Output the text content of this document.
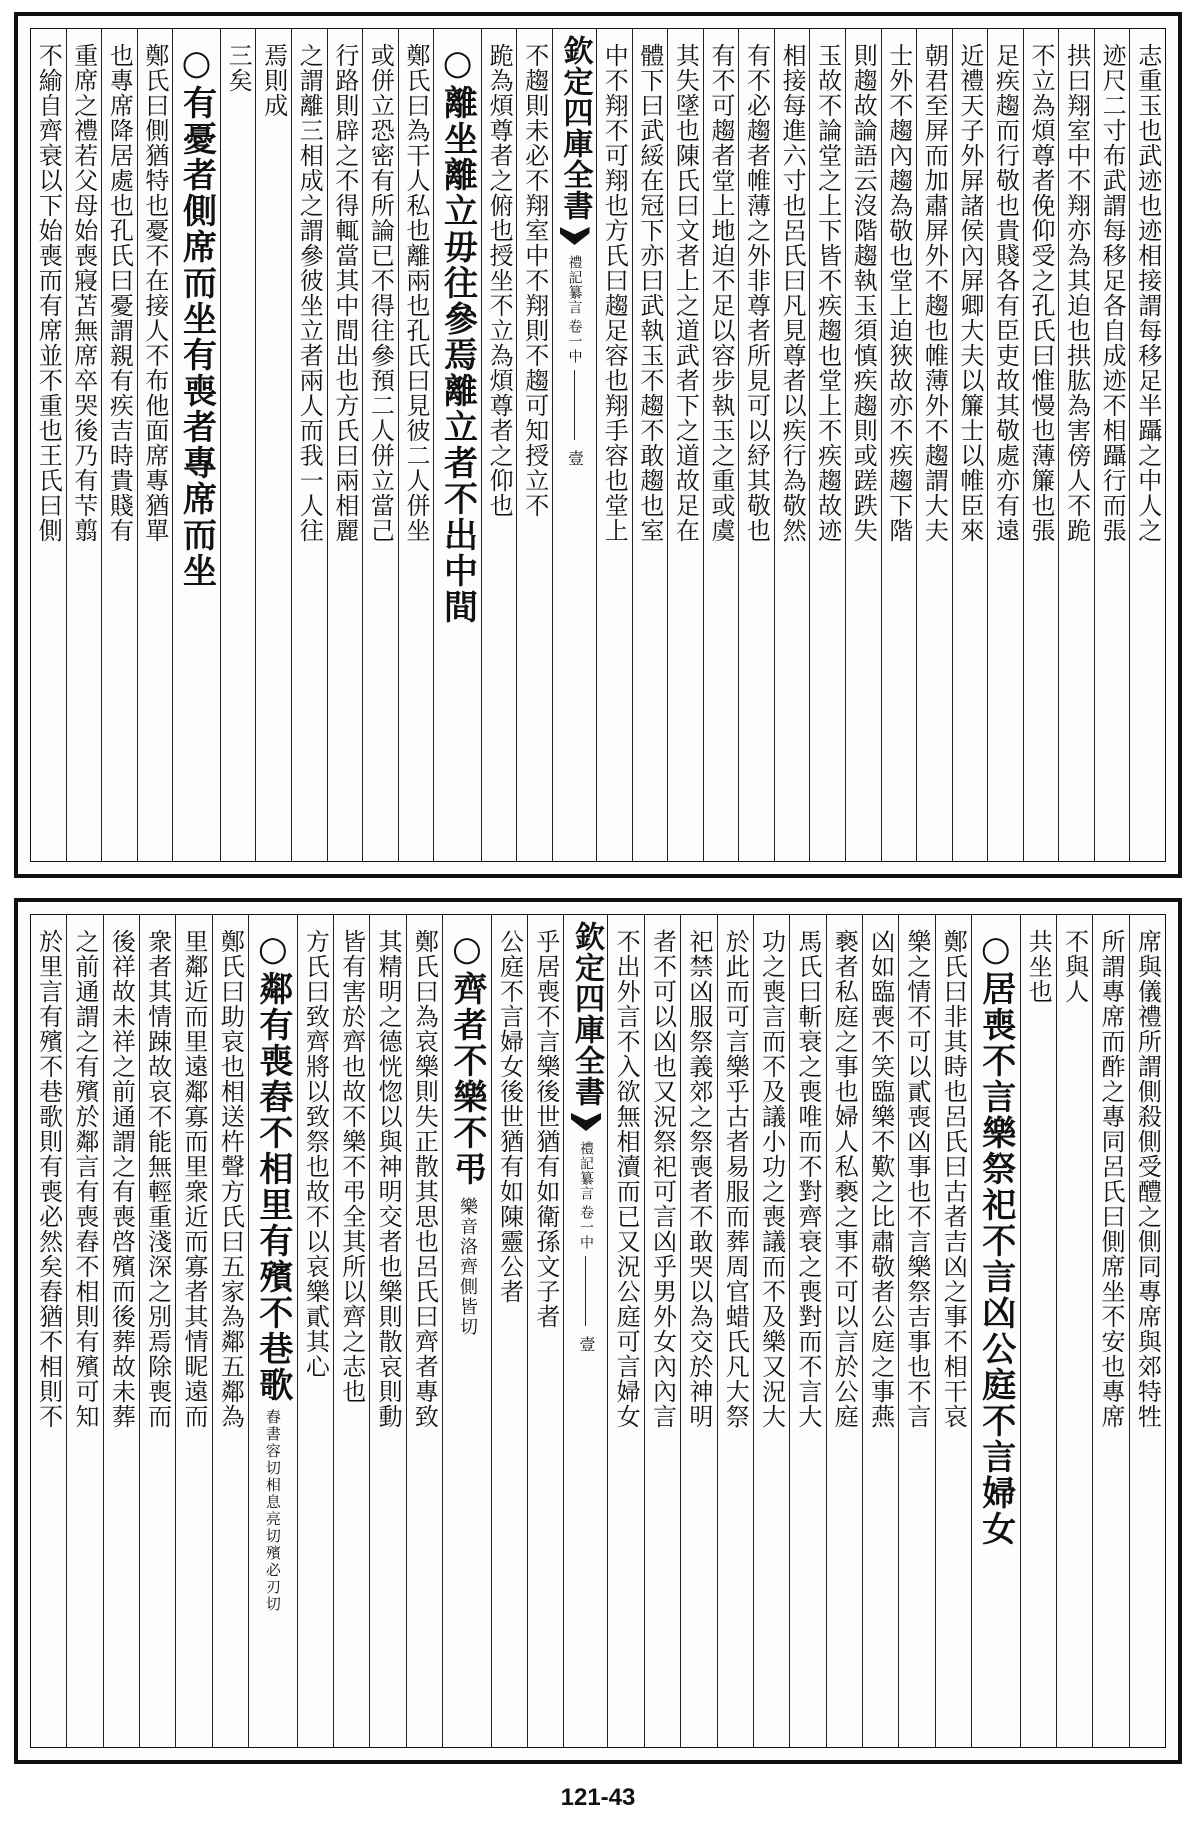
志重玉也武迹也迹相接謂每移足半躡之中人之
迹尺二寸布武謂每移足各自成迹不相躡行而張
拱曰翔室中不翔亦為其迫也拱肱為害傍人不跪
不立為煩尊者俛仰受之孔氏曰惟慢也薄簾也張
足疾趨而行敬也貴賤各有臣吏故其敬處亦有遠
近禮天子外屏諸侯內屏卿大夫以簾士以帷臣來
朝君至屏而加肅屏外不趨也帷薄外不趨謂大夫
士外不趨內趨為敬也堂上迫狹故亦不疾趨下階
則趨故論語云沒階趨執玉須慎疾趨則或蹉跌失
玉故不論堂之上下皆不疾趨也堂上不疾趨故迹
相接每進六寸也呂氏曰凡見尊者以疾行為敬然
有不必趨者帷薄之外非尊者所見可以紓其敬也
有不可趨者堂上地迫不足以容步執玉之重或虞
其失墜也陳氏曰文者上之道武者下之道故足在
體下曰武綏在冠下亦曰武執玉不趨不敢趨也室
中不翔不可翔也方氏曰趨足容也翔手容也堂上
欽定四庫全書
禮記纂言
卷一中
壹
不趨則未必不翔室中不翔則不趨可知授立不
跪為煩尊者之俯也授坐不立為煩尊者之仰也
○離坐離立毋往參焉離立者不出中間
鄭氏曰為干人私也離兩也孔氏曰見彼二人併坐
或併立恐密有所論已不得往參預二人併立當己
行路則辟之不得輒當其中間出也方氏曰兩相麗
之謂離三相成之謂參彼坐立者兩人而我一人往
焉則成
三矣
○有憂者側席而坐有喪者專席而坐
鄭氏曰側猶特也憂不在接人不布他面席專猶單
也專席降居處也孔氏曰憂謂親有疾吉時貴賤有
重席之禮若父母始喪寢苫無席卒哭後乃有芐翦
不緰自齊衰以下始喪而有席並不重也王氏曰側
席與儀禮所謂側殺側受醴之側同專席與郊特牲
所謂專席而酢之專同呂氏曰側席坐不安也專席
不與人
共坐也
○居喪不言樂祭祀不言凶公庭不言婦女
鄭氏曰非其時也呂氏曰古者吉凶之事不相干哀
樂之情不可以貳喪凶事也不言樂祭吉事也不言
凶如臨喪不笑臨樂不歎之比肅敬者公庭之事燕
褻者私庭之事也婦人私褻之事不可以言於公庭
馬氏曰斬衰之喪唯而不對齊衰之喪對而不言大
功之喪言而不及議小功之喪議而不及樂又況大
於此而可言樂乎古者易服而葬周官蜡氏凡大祭
祀禁凶服祭義郊之祭喪者不敢哭以為交於神明
者不可以凶也又況祭祀可言凶乎男外女內內言
不出外言不入欲無相瀆而已又況公庭可言婦女
欽定四庫全書
禮記纂言
卷一中
壹
乎居喪不言樂後世猶有如衛孫文子者
公庭不言婦女後世猶有如陳靈公者
○齊者不樂不弔樂音洛齊側皆切
鄭氏曰為哀樂則失正散其思也呂氏曰齊者專致
其精明之德恍惚以與神明交者也樂則散哀則動
皆有害於齊也故不樂不弔全其所以齊之志也
方氏曰致齊將以致祭也故不以哀樂貳其心
○鄰有喪舂不相里有殯不巷歌舂書容切相息亮切殯必刃切
鄭氏曰助哀也相送杵聲方氏曰五家為鄰五鄰為
里鄰近而里遠鄰寡而里衆近而寡者其情昵遠而
衆者其情踈故哀不能無輕重淺深之別焉除喪而
後祥故未祥之前通謂之有喪啓殯而後葬故未葬
之前通謂之有殯於鄰言有喪舂不相則有殯可知
於里言有殯不巷歌則有喪必然矣舂猶不相則不
121-43
